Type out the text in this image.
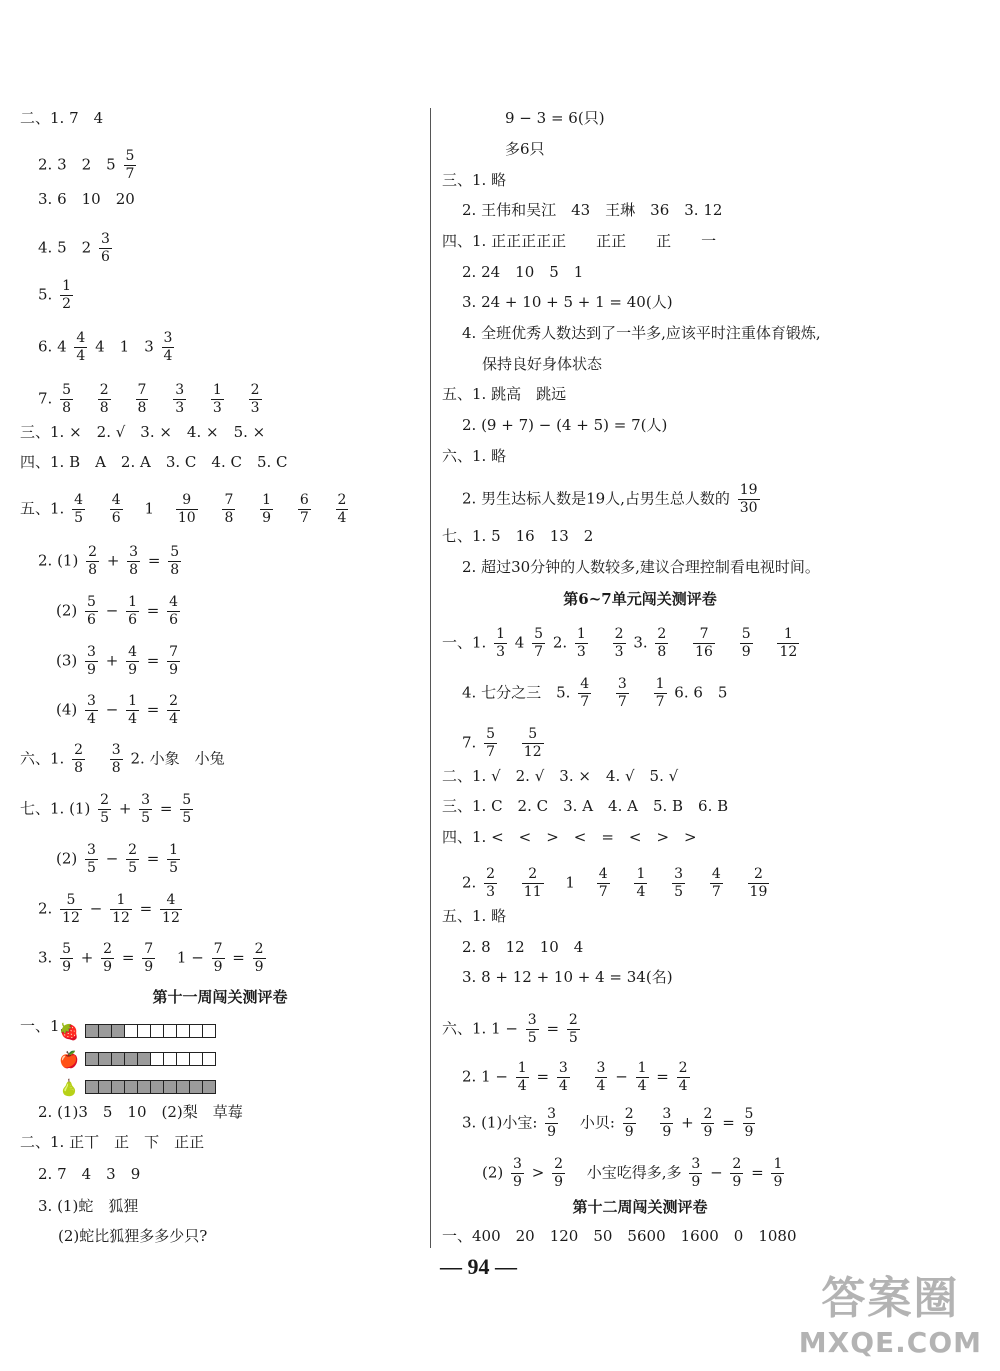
二、1. 7　4
2. 3　2　$5 \frac{5}{7}$
3. 6　10　20
4. 5　$2 \frac{3}{6}$
5. $\frac{1}{2}$
6. $4 \frac{4}{4} 4$　1　$3 \frac{3}{4}$
7. $\frac{5}{8}$
$\frac{2}{8}$
$\frac{7}{8}$
$\frac{3}{3}$
$\frac{1}{3}$
$\frac{2}{3}$
三、1. ×　2. √　3. ×　4. ×　5. ×
四、1. B　A　2. A　3. C　4. C　5. C
五、1. $\frac{4}{5}$
$\frac{4}{6} 1 \frac{9}{10}$
$\frac{7}{8}$
$\frac{1}{9}$
$\frac{6}{7}$
$\frac{2}{4}$
2. $(1) \frac{2}{8} + \frac{3}{8} = \frac{5}{8}$
$(2) \frac{5}{6} - \frac{1}{6} = \frac{4}{6}$
$(3) \frac{3}{9} + \frac{4}{9} = \frac{7}{9}$
$(4) \frac{3}{4} - \frac{1}{4} = \frac{2}{4}$
六、1. $\frac{2}{8}$
$\frac{3}{8} 2$. 小象　小兔
七、1. $(1) \frac{2}{5} + \frac{3}{5} = \frac{5}{5}$
$(2) \frac{3}{5} - \frac{2}{5} = \frac{1}{5}$
2. $\frac{5}{12} - \frac{1}{12} = \frac{4}{12}$
3. $\frac{5}{9} + \frac{2}{9} = \frac{7}{9} 1 - \frac{7}{9} = \frac{2}{9}$
第十一周闯关测评卷
一、1.
🍓
🍎
🍐
2. (1)3　5　10　(2)梨　草莓
二、1. 正丅　正　下　正正
2. 7　4　3　9
3. (1)蛇　狐狸
(2)蛇比狐狸多多少只?
9 − 3 = 6(只)
多6只
三、1. 略
2. 王伟和吴江　43　王琳　36　3. 12
四、1. 正正正正正　　正正　　正　　一
2. 24　10　5　1
3. 24 + 10 + 5 + 1 = 40(人)
4. 全班优秀人数达到了一半多,应该平时注重体育锻炼,
保持良好身体状态
五、1. 跳高　跳远
2. (9 + 7) − (4 + 5) = 7(人)
六、1. 略
2. 男生达标人数是19人,占男生总人数的 $\frac{19}{30}$
七、1. 5　16　13　2
2. 超过30分钟的人数较多,建议合理控制看电视时间。
第6~7单元闯关测评卷
一、1. $\frac{1}{3} 4 \frac{5}{7} 2$. $\frac{1}{3}$
$\frac{2}{3} 3$. $\frac{2}{8}$
$\frac{7}{16}$
$\frac{5}{9}$
$\frac{1}{12}$
4. 七分之三　5. $\frac{4}{7}$
$\frac{3}{7}$
$\frac{1}{7} 6$. 6　5
7. $\frac{5}{7}$
$\frac{5}{12}$
二、1. √　2. √　3. ×　4. √　5. √
三、1. C　2. C　3. A　4. A　5. B　6. B
四、1. <　<　>　<　=　<　>　>
2. $\frac{2}{3}$
$\frac{2}{11} 1 \frac{4}{7}$
$\frac{1}{4}$
$\frac{3}{5}$
$\frac{4}{7}$
$\frac{2}{19}$
五、1. 略
2. 8　12　10　4
3. 8 + 12 + 10 + 4 = 34(名)
六、1. $1 - \frac{3}{5} = \frac{2}{5}$
2. $1 - \frac{1}{4} = \frac{3}{4}$
$\frac{3}{4} - \frac{1}{4} = \frac{2}{4}$
3. (1)小宝: $\frac{3}{9}$ 小贝: $\frac{2}{9}$
$\frac{3}{9} + \frac{2}{9} = \frac{5}{9}$
$(2) \frac{3}{9} > \frac{2}{9}$ 小宝吃得多,多 $\frac{3}{9} - \frac{2}{9} = \frac{1}{9}$
第十二周闯关测评卷
一、400　20　120　50　5600　1600　0　1080
— 94 —
答案圈
MXQE.COM
